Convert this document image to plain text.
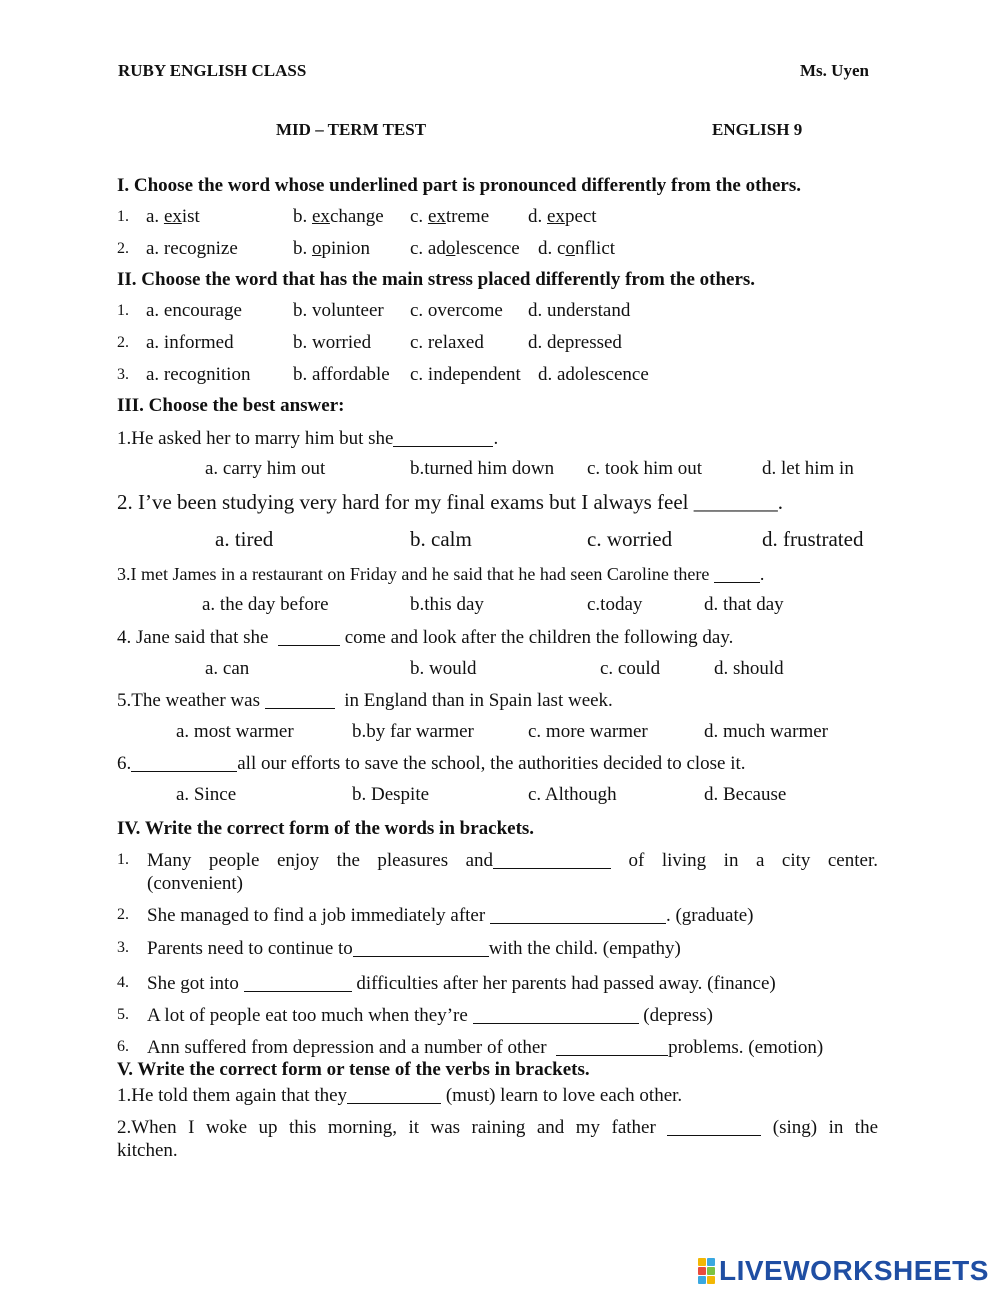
RUBY ENGLISH CLASS	Ms. Uyen
MID – TERM TEST	ENGLISH 9
I. Choose the word whose underlined part is pronounced differently from the others.
1. a. exist	b. exchange c. extreme d. expect
2. a. recognize	b. opinion c. adolescence d. conflict
II. Choose the word that has the main stress placed differently from the others.
1. a. encourage	b. volunteer c. overcome d. understand
2. a. informed	b. worried c. relaxed d. depressed
3. a. recognition b. affordable c. independent d. adolescence
III. Choose the best answer:
1.He asked her to marry him but she	.
a. carry him out	b.turned him down c. took him out	d. let him in
2. I’ve been studying very hard for my final exams but I always feel ________.
a. tired	b. calm	c. worried	d. frustrated
3.I met James in a restaurant on Friday and he said that he had seen Caroline there	.
a. the day before	b.this day	c.today	d. that day
4. Jane said that she	come and look after the children the following day.
a. can	b. would	c. could	d. should
5.The weather was	in England than in Spain last week.
a. most warmer	b.by far warmer	c. more warmer	d. much warmer
6.	all our efforts to save the school, the authorities decided to close it.
a. Since	b. Despite	c. Although	d. Because
IV. Write the correct form of the words in brackets.
1. Many people enjoy the pleasures and	of living in a city center.
(convenient)
2. She managed to find a job immediately after	. (graduate)
3. Parents need to continue to	with the child. (empathy)
4. She got into	difficulties after her parents had passed away. (finance)
5. A lot of people eat too much when they’re	(depress)
6. Ann suffered from depression and a number of other	problems. (emotion)
V. Write the correct form or tense of the verbs in brackets.
1.He told them again that they	(must) learn to love each other.
2.When I woke up this morning, it was raining and my father	(sing) in the
kitchen.
LIVEWORKSHEETS
